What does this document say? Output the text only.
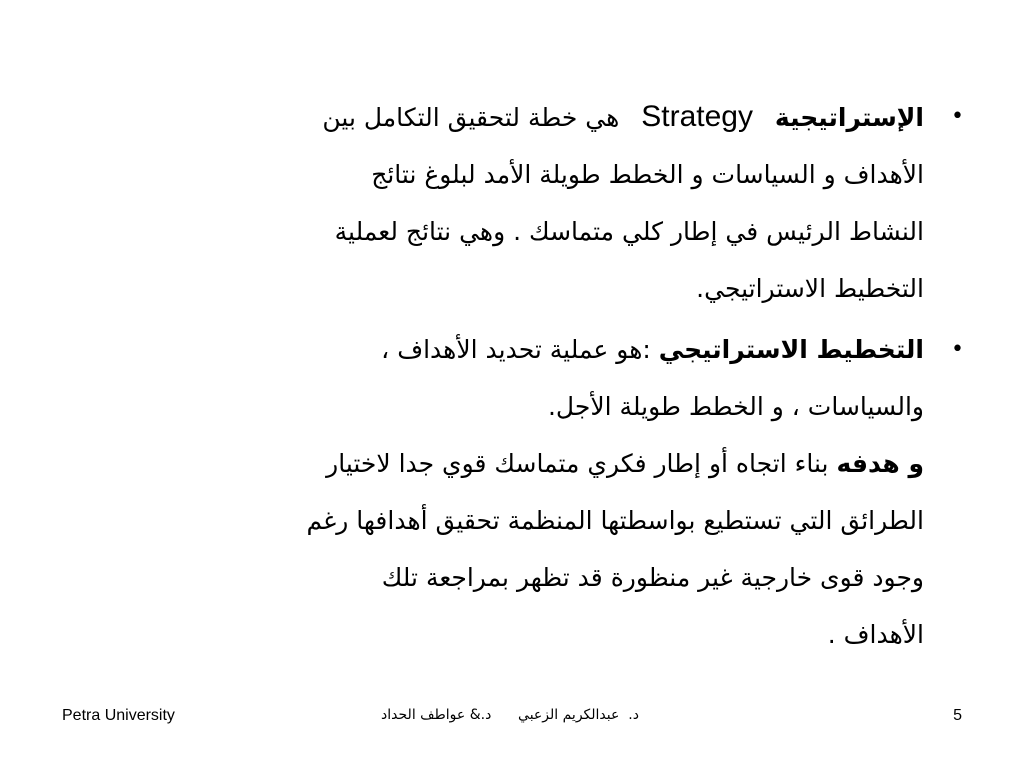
•
الإستراتيجية Strategy هي خطة لتحقيق التكامل بين
الأهداف و السياسات و الخطط طويلة الأمد لبلوغ نتائج
النشاط الرئيس في إطار كلي متماسك . وهي نتائج لعملية
التخطيط الاستراتيجي.
•
التخطيط الاستراتيجي :هو عملية تحديد الأهداف ،
والسياسات ، و الخطط طويلة الأجل.
و هدفه بناء اتجاه أو إطار فكري متماسك قوي جدا لاختيار
الطرائق التي تستطيع بواسطتها المنظمة تحقيق أهدافها رغم
وجود قوى خارجية غير منظورة قد تظهر بمراجعة تلك
الأهداف .
Petra University	د.  عبدالكريم الزعبي      د.& عواطف الحداد	5
